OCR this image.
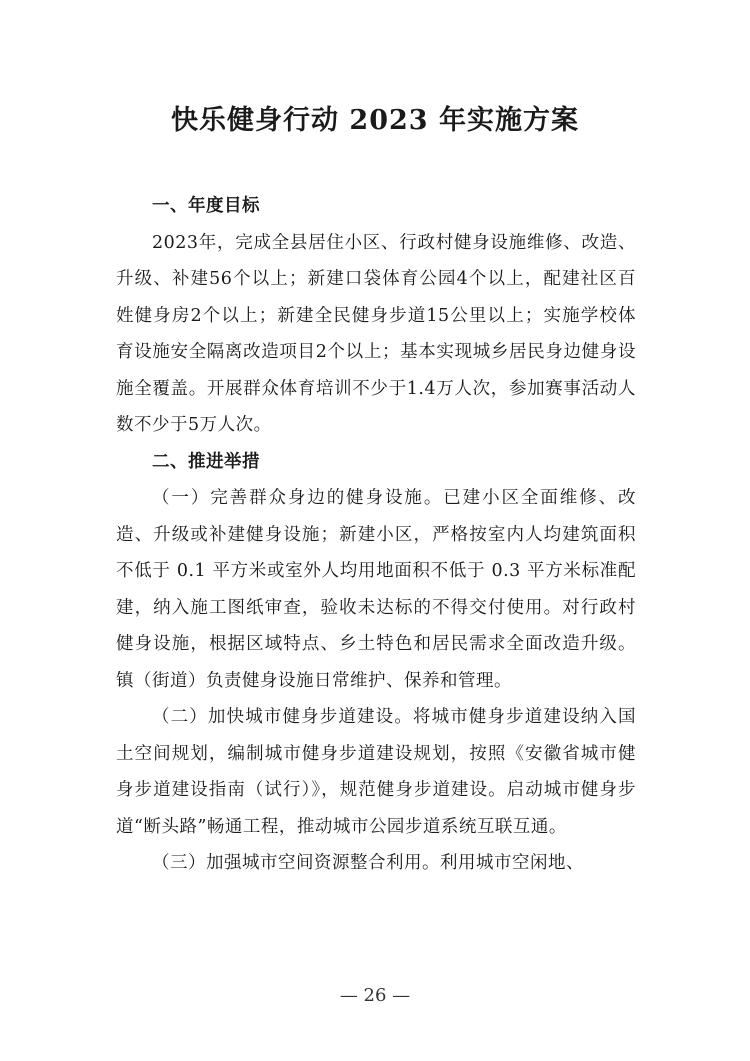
快乐健身行动 2023 年实施方案

一、年度目标

2023年，完成全县居住小区、行政村健身设施维修、改造、升级、补建56个以上；新建口袋体育公园4个以上，配建社区百姓健身房2个以上；新建全民健身步道15公里以上；实施学校体育设施安全隔离改造项目2个以上；基本实现城乡居民身边健身设施全覆盖。开展群众体育培训不少于1.4万人次，参加赛事活动人数不少于5万人次。

二、推进举措

（一）完善群众身边的健身设施。已建小区全面维修、改造、升级或补建健身设施；新建小区，严格按室内人均建筑面积不低于 0.1 平方米或室外人均用地面积不低于 0.3 平方米标准配建，纳入施工图纸审查，验收未达标的不得交付使用。对行政村健身设施，根据区域特点、乡土特色和居民需求全面改造升级。镇（街道）负责健身设施日常维护、保养和管理。

（二）加快城市健身步道建设。将城市健身步道建设纳入国土空间规划，编制城市健身步道建设规划，按照《安徽省城市健身步道建设指南（试行）》，规范健身步道建设。启动城市健身步道“断头路”畅通工程，推动城市公园步道系统互联互通。

（三）加强城市空间资源整合利用。利用城市空闲地、

— 26 —
